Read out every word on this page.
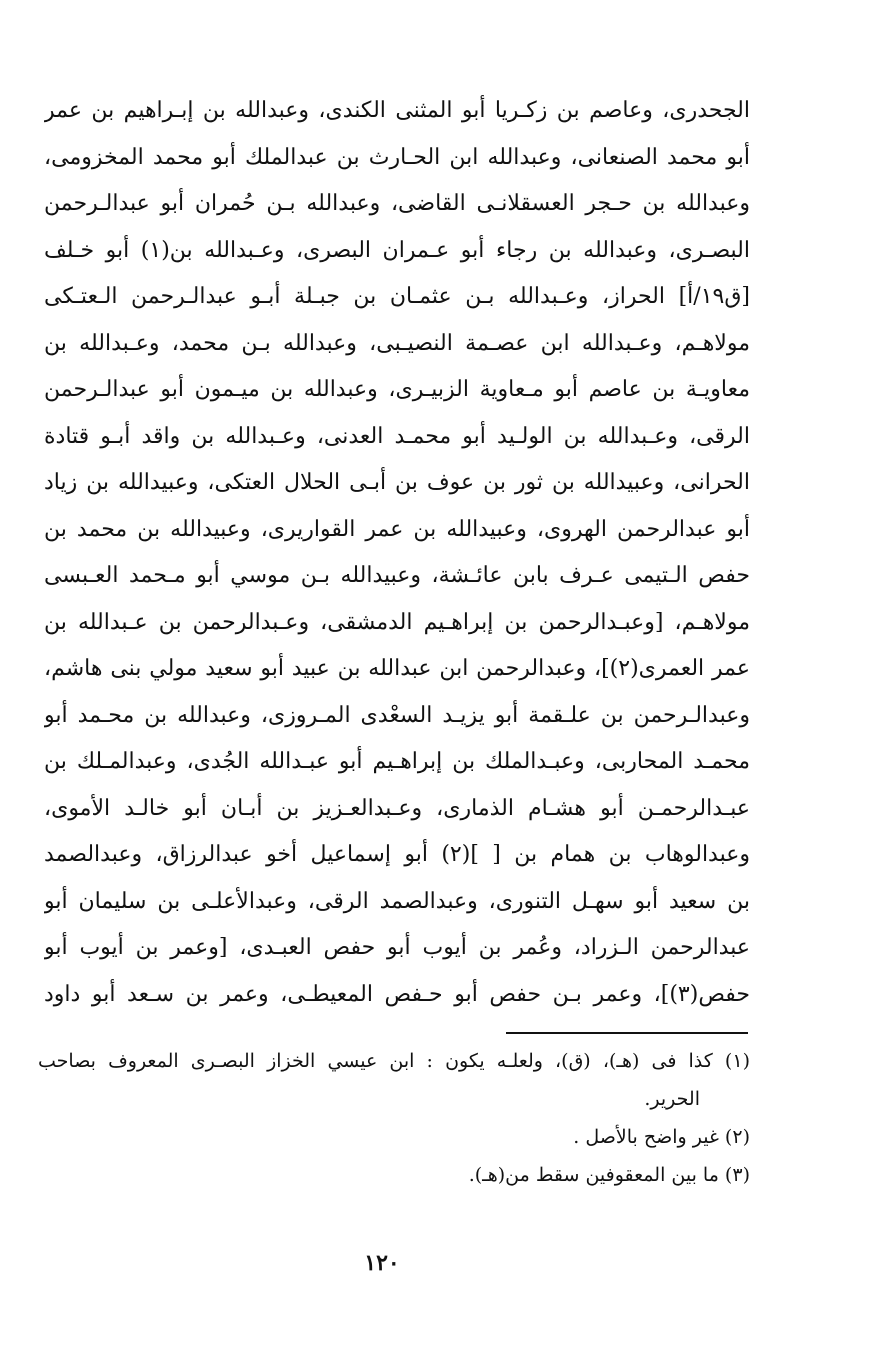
الجحدرى، وعاصم بن زكـريا أبو المثنى الكندى، وعبدالله بن إبـراهيم بن عمر
أبو محمد الصنعانى، وعبدالله ابن الحـارث بن عبدالملك أبو محمد المخزومى،
وعبدالله بن حـجر العسقلانـى القاضى، وعبدالله بـن حُمران أبو عبدالـرحمن
البصـرى، وعبدالله بن رجاء أبو عـمران البصرى، وعـبدالله بن(١) أبو خـلف
[ق١٩/أ] الحراز، وعـبدالله بـن عثمـان بن جبـلة أبـو عبدالـرحمن الـعتـكى
مولاهـم، وعـبدالله ابن عصـمة النصيـبى، وعبدالله بـن محمد، وعـبدالله بن
معاويـة بن عاصم أبو مـعاوية الزبيـرى، وعبدالله بن ميـمون أبو عبدالـرحمن
الرقى، وعـبدالله بن الولـيد أبو محمـد العدنى، وعـبدالله بن واقد أبـو قتادة
الحرانى، وعبيدالله بن ثور بن عوف بن أبـى الحلال العتكى، وعبيدالله بن زياد
أبو عبدالرحمن الهروى، وعبيدالله بن عمر القواريرى، وعبيدالله بن محمد بن
حفص الـتيمى عـرف بابن عائـشة، وعبيدالله بـن موسي أبو مـحمد العـبسى
مولاهـم، [وعبـدالرحمن بن إبراهـيم الدمشقى، وعـبدالرحمن بن عـبدالله بن
عمر العمرى(٢)]، وعبدالرحمن ابن عبدالله بن عبيد أبو سعيد مولي بنى هاشم،
وعبدالـرحمن بن علـقمة أبو يزيـد السعْدى المـروزى، وعبدالله بن محـمد أبو
محمـد المحاربى، وعبـدالملك بن إبراهـيم أبو عبـدالله الجُدى، وعبدالمـلك بن
عبـدالرحمـن أبو هشـام الذمارى، وعـبدالعـزيز بن أبـان أبو خالـد الأموى،
وعبدالوهاب بن همام بن [ ](٢) أبو إسماعيل أخو عبدالرزاق، وعبدالصمد
بن سعيد أبو سهـل التنورى، وعبدالصمد الرقى، وعبدالأعلـى بن سليمان أبو
عبدالرحمن الـزراد، وعُمر بن أيوب أبو حفص العبـدى، [وعمر بن أيوب أبو
حفص(٣)]، وعمر بـن حفص أبو حـفص المعيطـى، وعمر بن سـعد أبو داود
(١) كذا فى (هـ)، (ق)، ولعلـه يكون : ابن عيسي الخزاز البصـرى المعروف بصاحب
الحرير.
(٢) غير واضح بالأصل .
(٣) ما بين المعقوفين سقط من(هـ).
١٢٠
